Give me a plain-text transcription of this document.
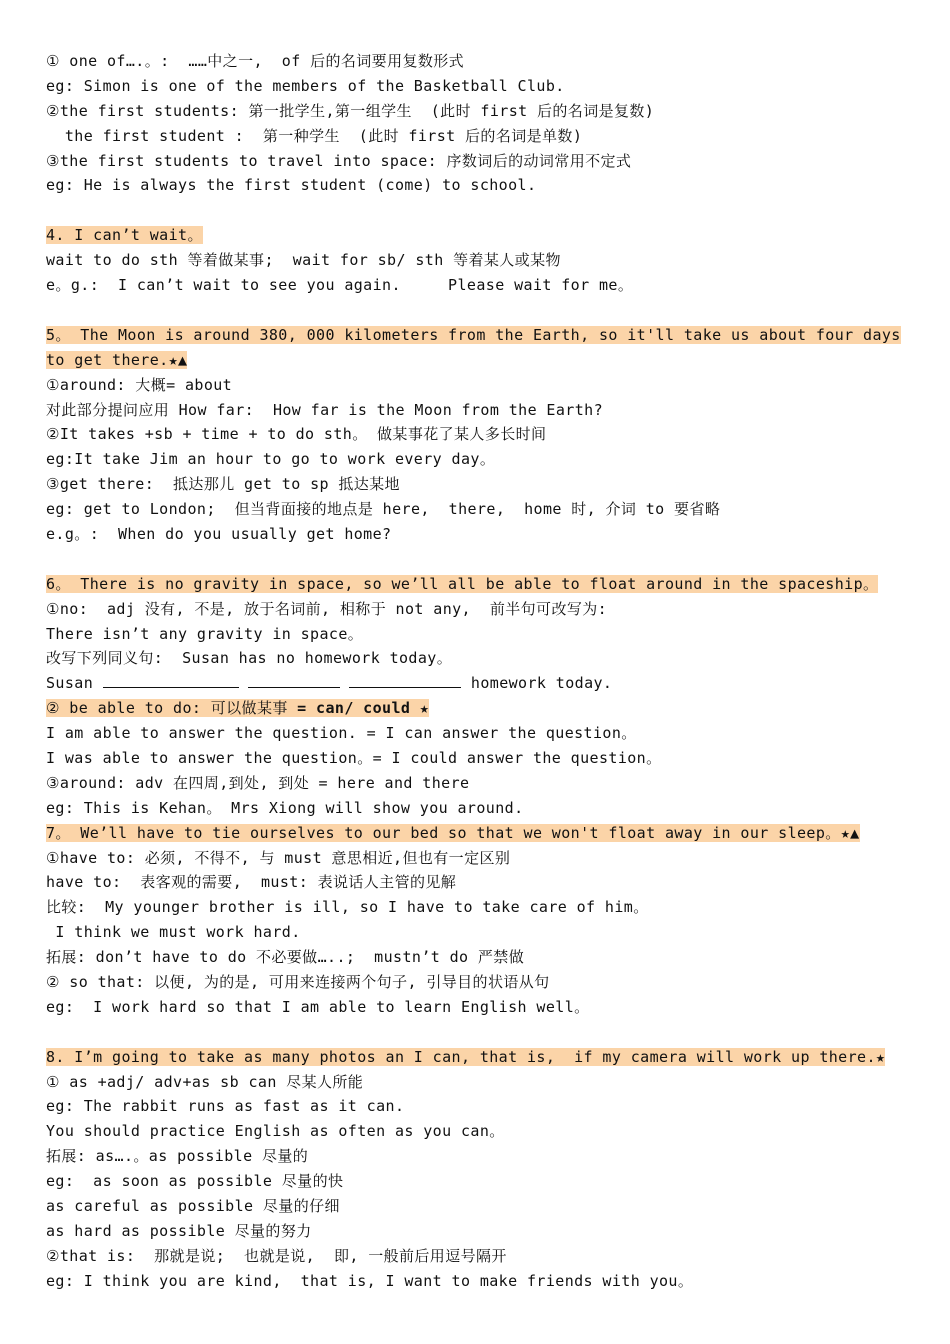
① one of….。:  ……中之一,  of 后的名词要用复数形式
eg: Simon is one of the members of the Basketball Club.
②the first students: 第一批学生,第一组学生  (此时 first 后的名词是复数)
the first student :  第一种学生  (此时 first 后的名词是单数)
③the first students to travel into space: 序数词后的动词常用不定式
eg: He is always the first student (come) to school.
4. I can’t wait。
wait to do sth 等着做某事;  wait for sb/ sth 等着某人或某物
e。g.:  I can’t wait to see you again.     Please wait for me。
5。 The Moon is around 380, 000 kilometers from the Earth, so it'll take us about four days to get there.★▲
①around: 大概= about
对此部分提问应用 How far:  How far is the Moon from the Earth?
②It takes +sb + time + to do sth。 做某事花了某人多长时间
eg:It take Jim an hour to go to work every day。
③get there:  抵达那儿 get to sp 抵达某地
eg: get to London;  但当背面接的地点是 here,  there,  home 时, 介词 to 要省略
e.g。:  When do you usually get home?
6。 There is no gravity in space, so we’ll all be able to float around in the spaceship。
①no:  adj 没有, 不是, 放于名词前, 相称于 not any,  前半句可改写为:
There isn’t any gravity in space。
改写下列同义句:  Susan has no homework today。
Susan	homework today.
② be able to do: 可以做某事 = can/ could ★
I am able to answer the question. = I can answer the question。
I was able to answer the question。= I could answer the question。
③around: adv 在四周,到处, 到处 = here and there
eg: This is Kehan。 Mrs Xiong will show you around.
7。 We’ll have to tie ourselves to our bed so that we won't float away in our sleep。★▲
①have to: 必须, 不得不, 与 must 意思相近,但也有一定区别
have to:  表客观的需要,  must: 表说话人主管的见解
比较:  My younger brother is ill, so I have to take care of him。
I think we must work hard.
拓展: don’t have to do 不必要做…..;  mustn’t do 严禁做
② so that: 以便, 为的是, 可用来连接两个句子, 引导目的状语从句
eg:  I work hard so that I am able to learn English well。
8. I’m going to take as many photos an I can, that is,  if my camera will work up there.★
① as +adj/ adv+as sb can 尽某人所能
eg: The rabbit runs as fast as it can.
You should practice English as often as you can。
拓展: as….。as possible 尽量的
eg:  as soon as possible 尽量的快
as careful as possible 尽量的仔细
as hard as possible 尽量的努力
②that is:  那就是说;  也就是说,  即, 一般前后用逗号隔开
eg: I think you are kind,  that is, I want to make friends with you。
